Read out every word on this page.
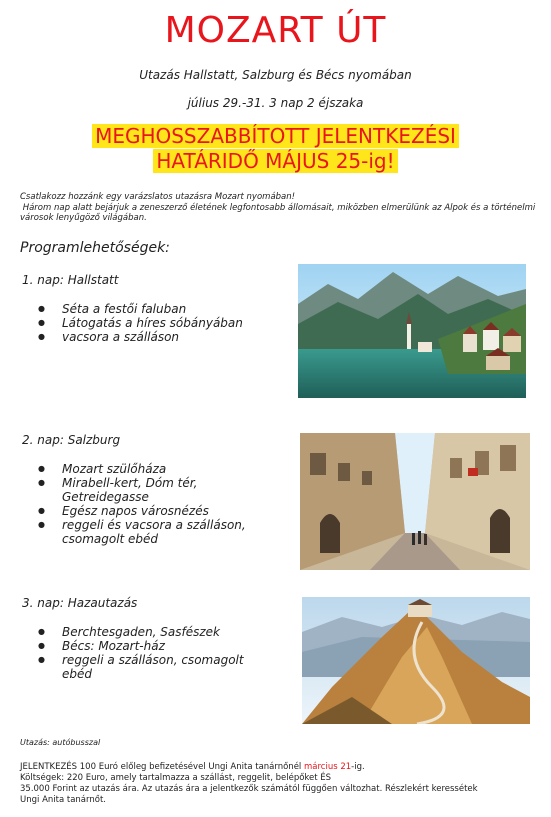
MOZART ÚT
Utazás Hallstatt, Salzburg és Bécs nyomában
július 29.-31. 3 nap 2 éjszaka
MEGHOSSZABBÍTOTT JELENTKEZÉSI
HATÁRIDŐ MÁJUS 25-ig!
Csatlakozz hozzánk egy varázslatos utazásra Mozart nyomában!
Három nap alatt bejárjuk a zeneszerző életének legfontosabb állomásait, miközben elmerülünk az Alpok és a történelmi városok lenyűgöző világában.
Programlehetőségek:
1. nap: Hallstatt
● Séta a festői faluban
● Látogatás a híres sóbányában
● vacsora a szálláson
2. nap: Salzburg
● Mozart szülőháza
● Mirabell-kert, Dóm tér, Getreidegasse
● Egész napos városnézés
● reggeli és vacsora a szálláson, csomagolt ebéd
3. nap: Hazautazás
● Berchtesgaden, Sasfészek
● Bécs: Mozart-ház
● reggeli a szálláson, csomagolt ebéd
Utazás: autóbusszal
JELENTKEZÉS 100 Euró előleg befizetésével Ungi Anita tanárnőnél március 21-ig.
Költségek: 220 Euro, amely tartalmazza a szállást, reggelit, belépőket ÉS
35.000 Forint az utazás ára. Az utazás ára a jelentkezők számától függően változhat. Részlekért keressétek
Ungi Anita tanárnőt.
